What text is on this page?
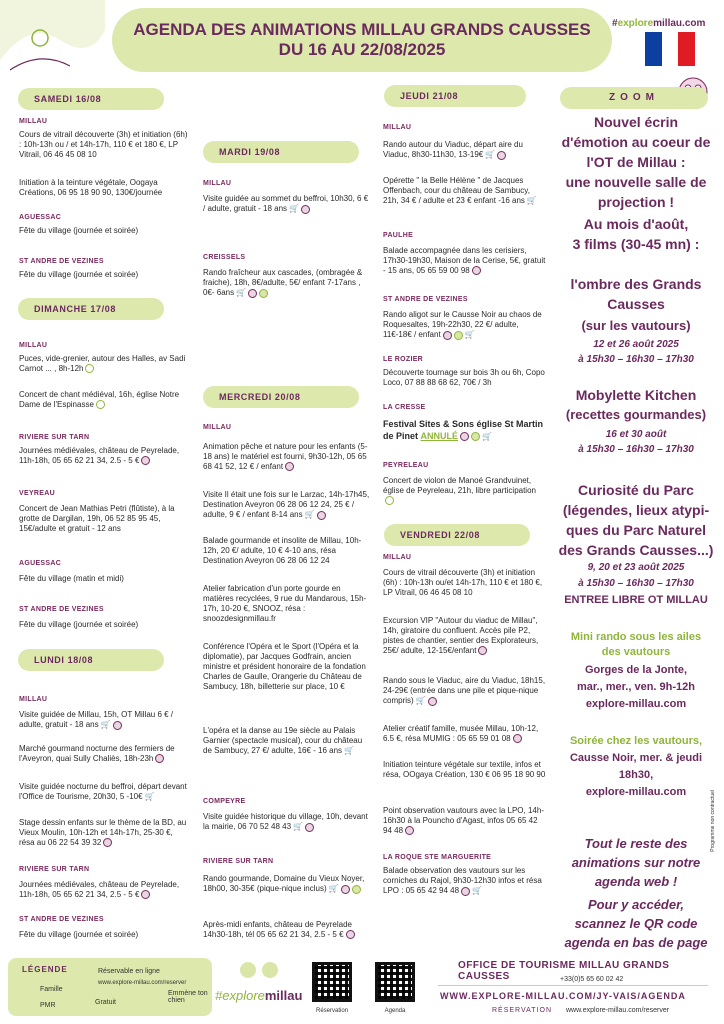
AGENDA DES ANIMATIONS MILLAU GRANDS CAUSSES
DU 16 AU 22/08/2025
#exploremillau.com
SAMEDI 16/08
MILLAU
Cours de vitrail découverte (3h) et initiation (6h) : 10h-13h ou / et 14h-17h, 110 € et 180 €, LP Vitrail, 06 46 45 08 10
Initiation à la teinture végétale, Oogaya Créations, 06 95 18 90 90, 130€/journée
AGUESSAC
Fête du village (journée et soirée)
ST ANDRE DE VEZINES
Fête du village (journée et soirée)
DIMANCHE 17/08
MILLAU
Puces, vide-grenier, autour des Halles, av Sadi Carnot ... , 8h-12h
Concert de chant médiéval, 16h, église Notre Dame de l'Espinasse
RIVIERE SUR TARN
Journées médiévales, château de Peyrelade, 11h-18h, 05 65 62 21 34, 2.5 - 5 €
VEYREAU
Concert de Jean Mathias Petri (flûtiste), à la grotte de Dargilan, 19h, 06 52 85 95 45, 15€/adulte et gratuit - 12 ans
AGUESSAC
Fête du village (matin et midi)
ST ANDRE DE VEZINES
Fête du village (journée et soirée)
LUNDI 18/08
MILLAU
Visite guidée de Millau, 15h, OT Millau 6 € / adulte, gratuit - 18 ans 🛒
Marché gourmand nocturne des fermiers de l'Aveyron, quai Sully Chaliès, 18h-23h
Visite guidée nocturne du beffroi, départ devant l'Office de Tourisme, 20h30, 5 -10€ 🛒
Stage dessin enfants sur le thème de la BD, au Vieux Moulin, 10h-12h et 14h-17h, 25-30 €, résa au 06 22 54 39 32
RIVIERE SUR TARN
Journées médiévales, château de Peyrelade, 11h-18h, 05 65 62 21 34, 2.5 - 5 €
ST ANDRE DE VEZINES
Fête du village (journée et soirée)
MARDI 19/08
MILLAU
Visite guidée au sommet du beffroi, 10h30, 6 € / adulte, gratuit - 18 ans 🛒
CREISSELS
Rando fraîcheur aux cascades, (ombragée & fraiche), 18h, 8€/adulte, 5€/ enfant 7-17ans , 0€- 6ans 🛒
MERCREDI 20/08
MILLAU
Animation pêche et nature pour les enfants (5-18 ans) le matériel est fourni, 9h30-12h, 05 65 68 41 52, 12 € / enfant
Visite Il était une fois sur le Larzac, 14h-17h45, Destination Aveyron 06 28 06 12 24, 25 € / adulte, 9 € / enfant 8-14 ans 🛒
Balade gourmande et insolite de Millau, 10h-12h, 20 €/ adulte, 10 € 4-10 ans, résa Destination Aveyron 06 28 06 12 24
Atelier fabrication d'un porte gourde en matières recyclées, 9 rue du Mandarous, 15h-17h, 10-20 €, SNOOZ, résa : snoozdesignmillau.fr
Conférence l'Opéra et le Sport (l'Opéra et la diplomatie), par Jacques Godfrain, ancien ministre et président honoraire de la fondation Charles de Gaulle, Orangerie du Château de Sambucy, 18h, billetterie sur place, 10 €
L'opéra et la danse au 19e siècle au Palais Garnier (spectacle musical), cour du château de Sambucy, 27 €/ adulte, 16€ - 16 ans 🛒
COMPEYRE
Visite guidée historique du village, 10h, devant la mairie, 06 70 52 48 43 🛒
RIVIERE SUR TARN
Rando gourmande, Domaine du Vieux Noyer, 18h00, 30-35€ (pique-nique inclus) 🛒
Après-midi enfants, château de Peyrelade 14h30-18h, tél 05 65 62 21 34, 2.5 - 5 €
JEUDI 21/08
MILLAU
Rando autour du Viaduc, départ aire du Viaduc, 8h30-11h30, 13-19€ 🛒
Opérette " la Belle Hélène " de Jacques Offenbach, cour du château de Sambucy, 21h, 34 € / adulte et 23 € enfant -16 ans 🛒
PAULHE
Balade accompagnée dans les cerisiers, 17h30-19h30, Maison de la Cerise, 5€, gratuit - 15 ans, 05 65 59 00 98
ST ANDRE DE VEZINES
Rando aligot sur le Causse Noir au chaos de Roquesaltes, 19h-22h30, 22 €/ adulte, 11€-18€ / enfant	🛒
LE ROZIER
Découverte tournage sur bois 3h ou 6h, Copo Loco, 07 88 88 68 62, 70€ / 3h
LA CRESSE
Festival Sites & Sons église St Martin de Pinet ANNULÉ	🛒
PEYRELEAU
Concert de violon de Manoé Grandvuinet, église de Peyreleau, 21h, libre participation
VENDREDI 22/08
MILLAU
Cours de vitrail découverte (3h) et initiation (6h) : 10h-13h ou/et 14h-17h, 110 € et 180 €, LP Vitrail, 06 46 45 08 10
Excursion VIP "Autour du viaduc de Millau", 14h, giratoire du confluent. Accès pile P2, pistes de chantier, sentier des Explorateurs, 25€/ adulte, 12-15€/enfant
Rando sous le Viaduc, aire du Viaduc, 18h15, 24-29€ (entrée dans une pile et pique-nique compris) 🛒
Atelier créatif famille, musée Millau, 10h-12, 6.5 €, résa MUMIG : 05 65 59 01 08
Initiation teinture végétale sur textile, infos et résa, OOgaya Création, 130 € 06 95 18 90 90
Point observation vautours avec la LPO, 14h-16h30 à la Pouncho d'Agast, infos 05 65 42 94 48
LA ROQUE STE MARGUERITE
Balade observation des vautours sur les corniches du Rajol, 9h30-12h30 infos et résa LPO : 05 65 42 94 48 🛒
ZOOM
Nouvel écrin
d'émotion au coeur de
l'OT de Millau :
une nouvelle salle de
projection !
Au mois d'août,
3 films (30-45 mn) :
l'ombre des Grands
Causses
(sur les vautours)
12 et 26 août 2025
à 15h30 – 16h30 – 17h30
Mobylette Kitchen
(recettes gourmandes)
16 et 30 août
à 15h30 – 16h30 – 17h30
Curiosité du Parc
(légendes, lieux atypi-
ques du Parc Naturel
des Grands Causses...)
9, 20 et 23 août 2025
à 15h30 – 16h30 – 17h30
ENTREE LIBRE OT MILLAU
Mini rando sous les ailes
des vautours
Gorges de la Jonte,
mar., mer., ven. 9h-12h
explore-millau.com
Soirée chez les vautours,
Causse Noir, mer. & jeudi
18h30,
explore-millau.com
Tout le reste des
animations sur notre
agenda web !
Pour y accéder,
scannez le QR code
agenda en bas de page
Programme non contractuel
LÉGENDE	Réservable en ligne
www.explore-millau.com/reserver
Famille
PMR	Gratuit
Emmène ton chien	#exploremillau
Réservation	Agenda
OFFICE DE TOURISME MILLAU GRANDS CAUSSES	+33(0)5 65 60 02 42
WWW.EXPLORE-MILLAU.COM/JY-VAIS/AGENDA
RÉSERVATION www.explore-millau.com/reserver
